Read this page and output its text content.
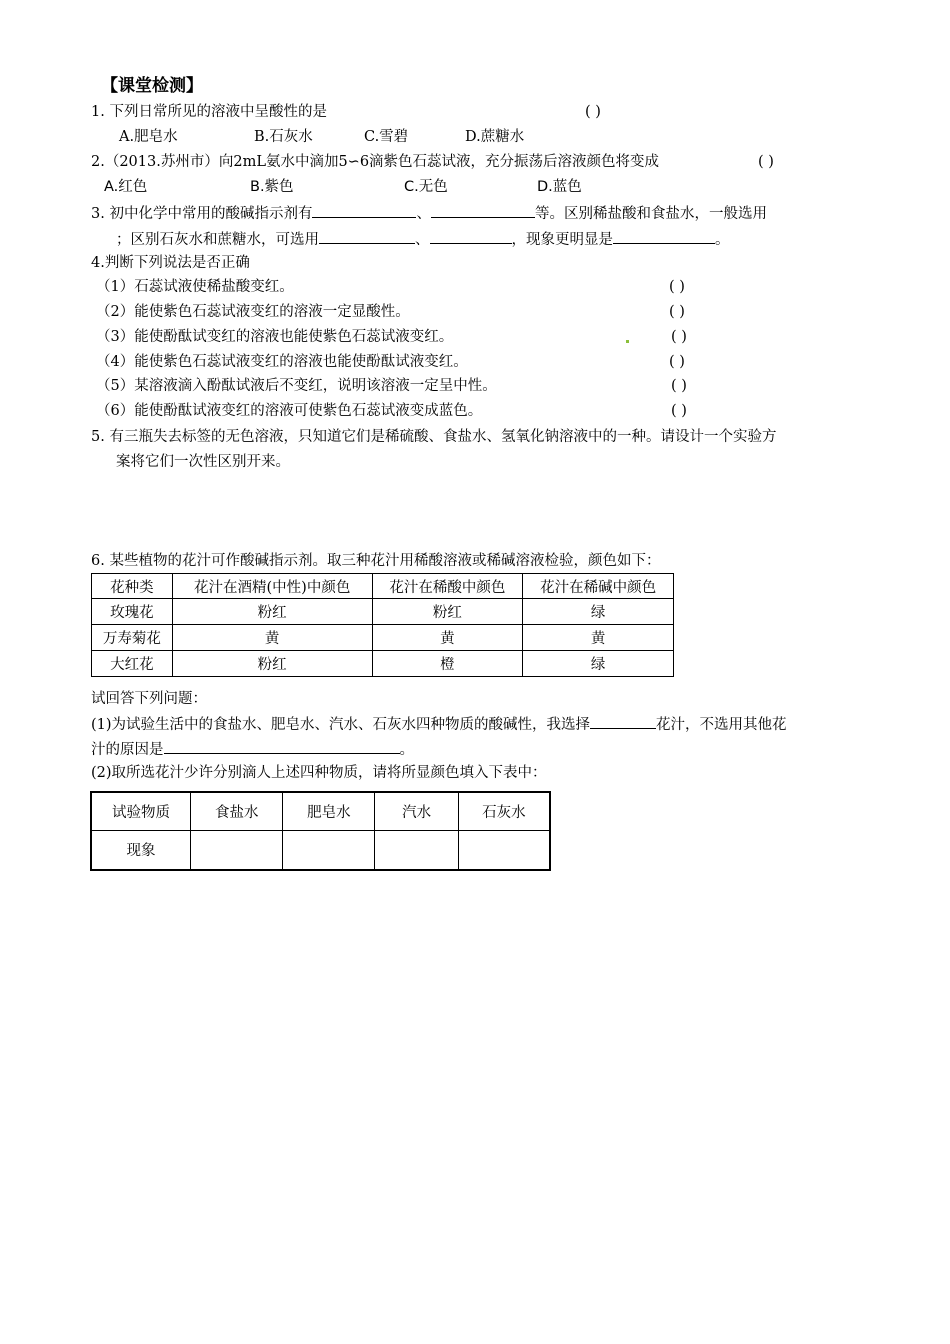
【课堂检测】
1. 下列日常所见的溶液中呈酸性的是	( )
A.肥皂水	B.石灰水	C.雪碧	D.蔗糖水
2.（2013.苏州市）向2mL氨水中滴加5∽6滴紫色石蕊试液，充分振荡后溶液颜色将变成	( )
A.红色	B.紫色	C.无色	D.蓝色
3. 初中化学中常用的酸碱指示剂有	、	等。区别稀盐酸和食盐水，一般选用
；区别石灰水和蔗糖水，可选用	、	，现象更明显是	。
4.判断下列说法是否正确
（1）石蕊试液使稀盐酸变红。	( )
（2）能使紫色石蕊试液变红的溶液一定显酸性。	( )
（3）能使酚酞试变红的溶液也能使紫色石蕊试液变红。	( )
（4）能使紫色石蕊试液变红的溶液也能使酚酞试液变红。	( )
（5）某溶液滴入酚酞试液后不变红，说明该溶液一定呈中性。	( )
（6）能使酚酞试液变红的溶液可使紫色石蕊试液变成蓝色。	( )
5. 有三瓶失去标签的无色溶液，只知道它们是稀硫酸、食盐水、氢氧化钠溶液中的一种。请设计一个实验方
案将它们一次性区别开来。
6. 某些植物的花汁可作酸碱指示剂。取三种花汁用稀酸溶液或稀碱溶液检验，颜色如下：
花种类	花汁在酒精(中性)中颜色	花汁在稀酸中颜色	花汁在稀碱中颜色
玫瑰花	粉红	粉红	绿
万寿菊花	黄	黄	黄
大红花	粉红	橙	绿
试回答下列问题：
(1)为试验生活中的食盐水、肥皂水、汽水、石灰水四种物质的酸碱性，我选择	花汁，不选用其他花
汁的原因是	。
(2)取所选花汁少许分别滴人上述四种物质，请将所显颜色填入下表中：
试验物质	食盐水	肥皂水	汽水	石灰水
现象				
